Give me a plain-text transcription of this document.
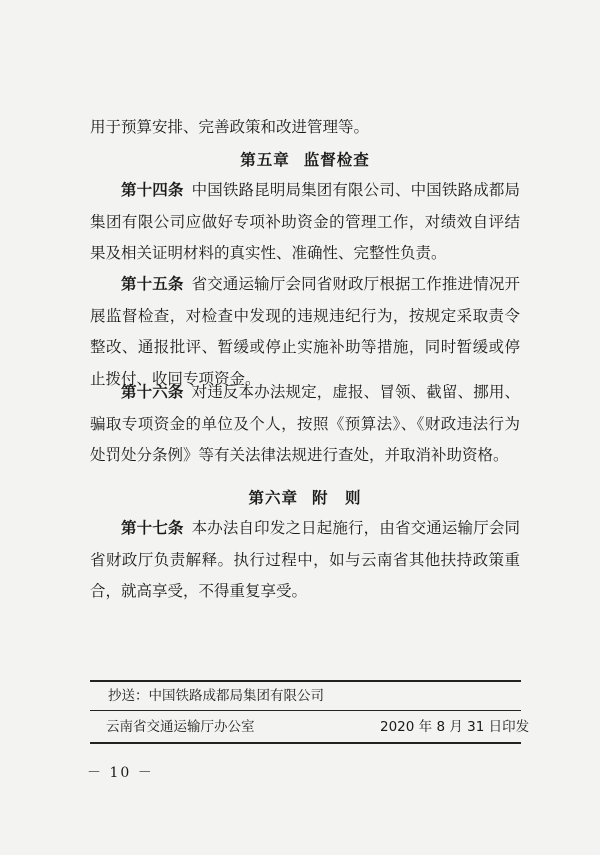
用于预算安排、完善政策和改进管理等。

第五章 监督检查

第十四条 中国铁路昆明局集团有限公司、中国铁路成都局集团有限公司应做好专项补助资金的管理工作，对绩效自评结果及相关证明材料的真实性、准确性、完整性负责。

第十五条 省交通运输厅会同省财政厅根据工作推进情况开展监督检查，对检查中发现的违规违纪行为，按规定采取责令整改、通报批评、暂缓或停止实施补助等措施，同时暂缓或停止拨付、收回专项资金。

第十六条 对违反本办法规定，虚报、冒领、截留、挪用、骗取专项资金的单位及个人，按照《预算法》、《财政违法行为处罚处分条例》等有关法律法规进行查处，并取消补助资格。

第六章 附　则

第十七条 本办法自印发之日起施行，由省交通运输厅会同省财政厅负责解释。执行过程中，如与云南省其他扶持政策重合，就高享受，不得重复享受。

抄送：中国铁路成都局集团有限公司

云南省交通运输厅办公室	2020 年 8 月 31 日印发

－ 10 －
